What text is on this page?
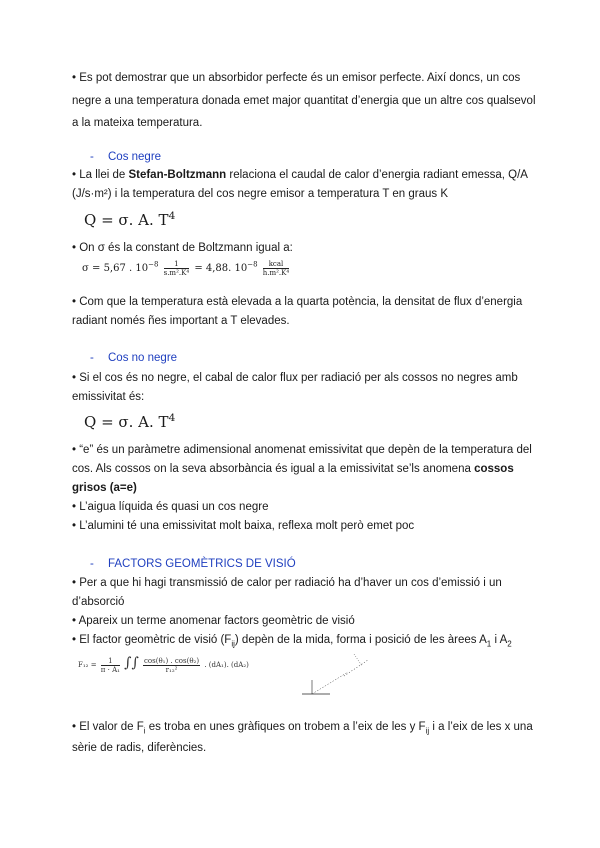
• Es pot demostrar que un absorbidor perfecte és un emisor perfecte. Així doncs, un cos
negre a una temperatura donada emet major quantitat d’energia que un altre cos qualsevol
a la mateixa temperatura.
- Cos negre
• La llei de Stefan-Boltzmann relaciona el caudal de calor d’energia radiant emessa, Q/A
(J/s·m²) i la temperatura del cos negre emisor a temperatura T en graus K
Q = σ. A. $T^4$
• On σ és la constant de Boltzmann igual a:
σ = 5,67 . $10^{-8} \frac{1}{\text{s.m².K⁴}} = 4,88$. $10^{-8} \frac{\text{kcal}}{\text{h.m².K⁴}}$
• Com que la temperatura està elevada a la quarta potència, la densitat de flux d’energia
radiant només ñes important a T elevades.
- Cos no negre
• Si el cos és no negre, el cabal de calor flux per radiació per als cossos no negres amb
emissivitat és:
Q = σ. A. $T^4$
• “e” és un paràmetre adimensional anomenat emissivitat que depèn de la temperatura del
cos. Als cossos on la seva absorbància és igual a la emissivitat se’ls anomena cossos
grisos (a=e)
• L’aigua líquida és quasi un cos negre
• L’alumini té una emissivitat molt baixa, reflexa molt però emet poc
- FACTORS GEOMÈTRICS DE VISIÓ
• Per a que hi hagi transmissió de calor per radiació ha d’haver un cos d’emissió i un
d’absorció
• Apareix un terme anomenar factors geomètric de visió
• El factor geomètric de visió $(F_{ij})$ depèn de la mida, forma i posició de les àrees $A_1$ i $A_2$
$F_{12} = \frac{1}{\text{π · A₁}}$ ∫∫ $\frac{\text{cos(θ₁) . cos(θ₂)}}{\text{r₁₂²}}$ . (dA₁). (dA₂)
• El valor de $F_i$ es troba en unes gràfiques on trobem a l’eix de les y $F_{ij}$ i a l’eix de les x una
sèrie de radis, diferències.
